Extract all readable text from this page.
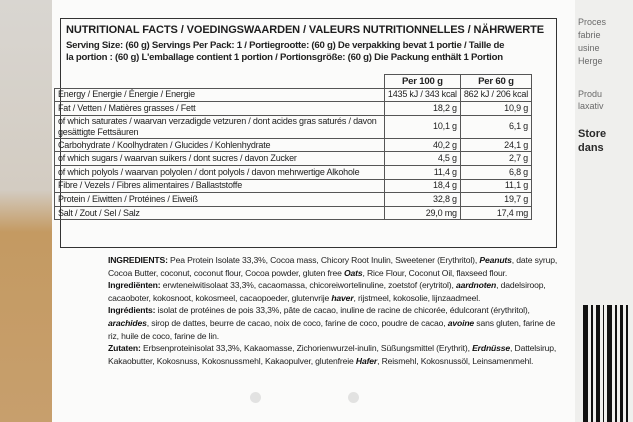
Proces
fabrie
usine
Herge
Produ
laxativ
Store
dans
NUTRITIONAL FACTS / VOEDINGSWAARDEN / VALEURS NUTRITIONNELLES / NÄHRWERTE
Serving Size: (60 g) Servings Per Pack: 1 / Portiegrootte: (60 g) De verpakking bevat 1 portie / Taille de
la portion : (60 g) L'emballage contient 1 portion / Portionsgröße: (60 g) Die Packung enthält 1 Portion
	Per 100 g	Per 60 g
Energy / Energie / Énergie / Energie	1435 kJ / 343 kcal	862 kJ / 206 kcal
Fat / Vetten / Matières grasses / Fett	18,2 g	10,9 g
of which saturates / waarvan verzadigde vetzuren / dont acides gras saturés / davon gesättigte Fettsäuren	10,1 g	6,1 g
Carbohydrate / Koolhydraten / Glucides / Kohlenhydrate	40,2 g	24,1 g
of which sugars / waarvan suikers / dont sucres / davon Zucker	4,5 g	2,7 g
of which polyols / waarvan polyolen / dont polyols / davon mehrwertige Alkohole	11,4 g	6,8 g
Fibre / Vezels / Fibres alimentaires / Ballaststoffe	18,4 g	11,1 g
Protein / Eiwitten / Protéines / Eiweiß	32,8 g	19,7 g
Salt / Zout / Sel / Salz	29,0 mg	17,4 mg

INGREDIENTS: Pea Protein Isolate 33,3%, Cocoa mass, Chicory Root Inulin, Sweetener (Erythritol), Peanuts, date syrup, Cocoa Butter, coconut, coconut flour, Cocoa powder, gluten free Oats, Rice Flour, Coconut Oil, flaxseed flour.

Ingrediënten: erwteneiwitisolaat 33,3%, cacaomassa, chicoreiwortelinuline, zoetstof (erytritol), aardnoten, dadelsiroop, cacaoboter, kokosnoot, kokosmeel, cacaopoeder, glutenvrije haver, rijstmeel, kokosolie, lijnzaadmeel.

Ingrédients: isolat de protéines de pois 33,3%, pâte de cacao, inuline de racine de chicorée, édulcorant (érythritol), arachides, sirop de dattes, beurre de cacao, noix de coco, farine de coco, poudre de cacao, avoine sans gluten, farine de riz, huile de coco, farine de lin.

Zutaten: Erbsenproteinisolat 33,3%, Kakaomasse, Zichorienwurzel-inulin, Süßungsmittel (Erythrit), Erdnüsse, Dattelsirup, Kakaobutter, Kokosnuss, Kokosnussmehl, Kakaopulver, glutenfreie Hafer, Reismehl, Kokosnussöl, Leinsamenmehl.
